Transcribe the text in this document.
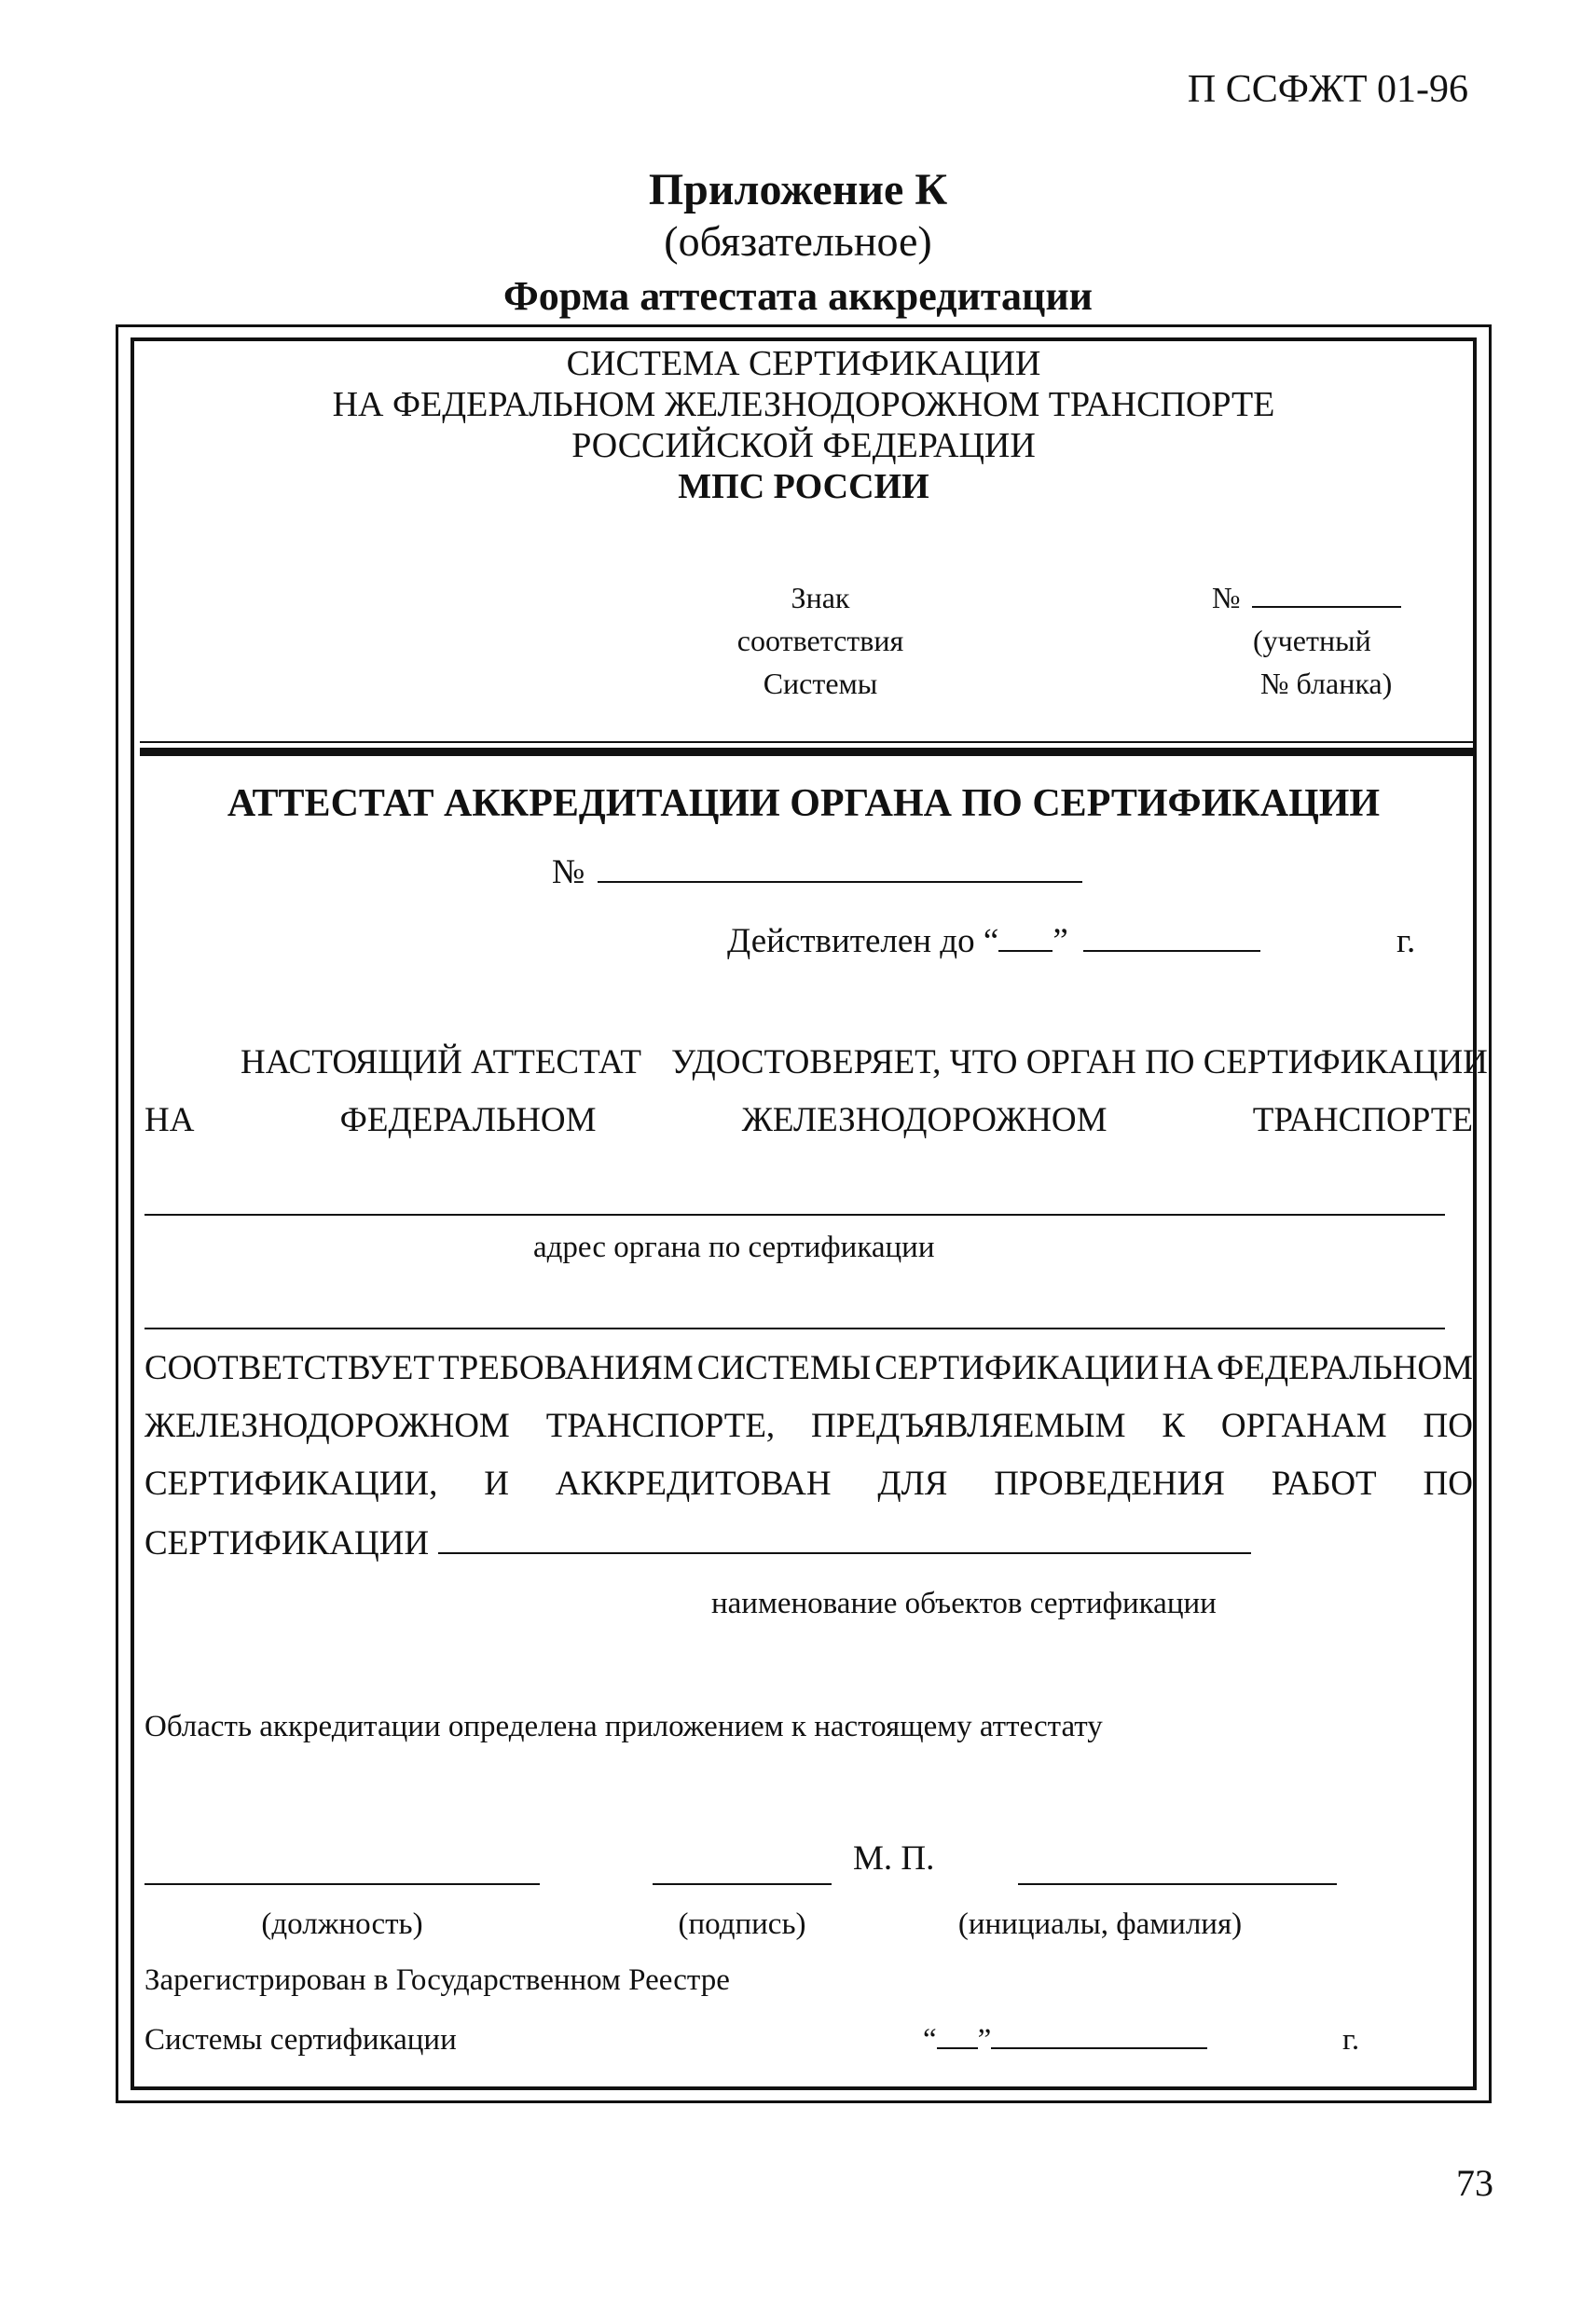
П ССФЖТ 01-96
Приложение К
(обязательное)
Форма аттестата аккредитации
СИСТЕМА СЕРТИФИКАЦИИ
НА ФЕДЕРАЛЬНОМ ЖЕЛЕЗНОДОРОЖНОМ ТРАНСПОРТЕ
РОССИЙСКОЙ ФЕДЕРАЦИИ
МПС РОССИИ
Знак
соответствия
Системы
№
(учетный
№ бланка)
АТТЕСТАТ АККРЕДИТАЦИИ ОРГАНА ПО СЕРТИФИКАЦИИ
№
Действителен до “ ”	г.
НАСТОЯЩИЙ АТТЕСТАТ УДОСТОВЕРЯЕТ, ЧТО ОРГАН ПО СЕРТИФИКАЦИИ
НА	ФЕДЕРАЛЬНОМ	ЖЕЛЕЗНОДОРОЖНОМ	ТРАНСПОРТЕ
адрес органа по сертификации
СООТВЕТСТВУЕТ ТРЕБОВАНИЯМ СИСТЕМЫ СЕРТИФИКАЦИИ НА ФЕДЕРАЛЬНОМ
ЖЕЛЕЗНОДОРОЖНОМ ТРАНСПОРТЕ, ПРЕДЪЯВЛЯЕМЫМ К ОРГАНАМ ПО
СЕРТИФИКАЦИИ, И АККРЕДИТОВАН ДЛЯ ПРОВЕДЕНИЯ РАБОТ ПО
СЕРТИФИКАЦИИ
наименование объектов сертификации
Область аккредитации определена приложением к настоящему аттестату
М. П.
(должность)	(подпись)	(инициалы, фамилия)
Зарегистрирован в Государственном Реестре
Системы сертификации	“ ”	г.
73
